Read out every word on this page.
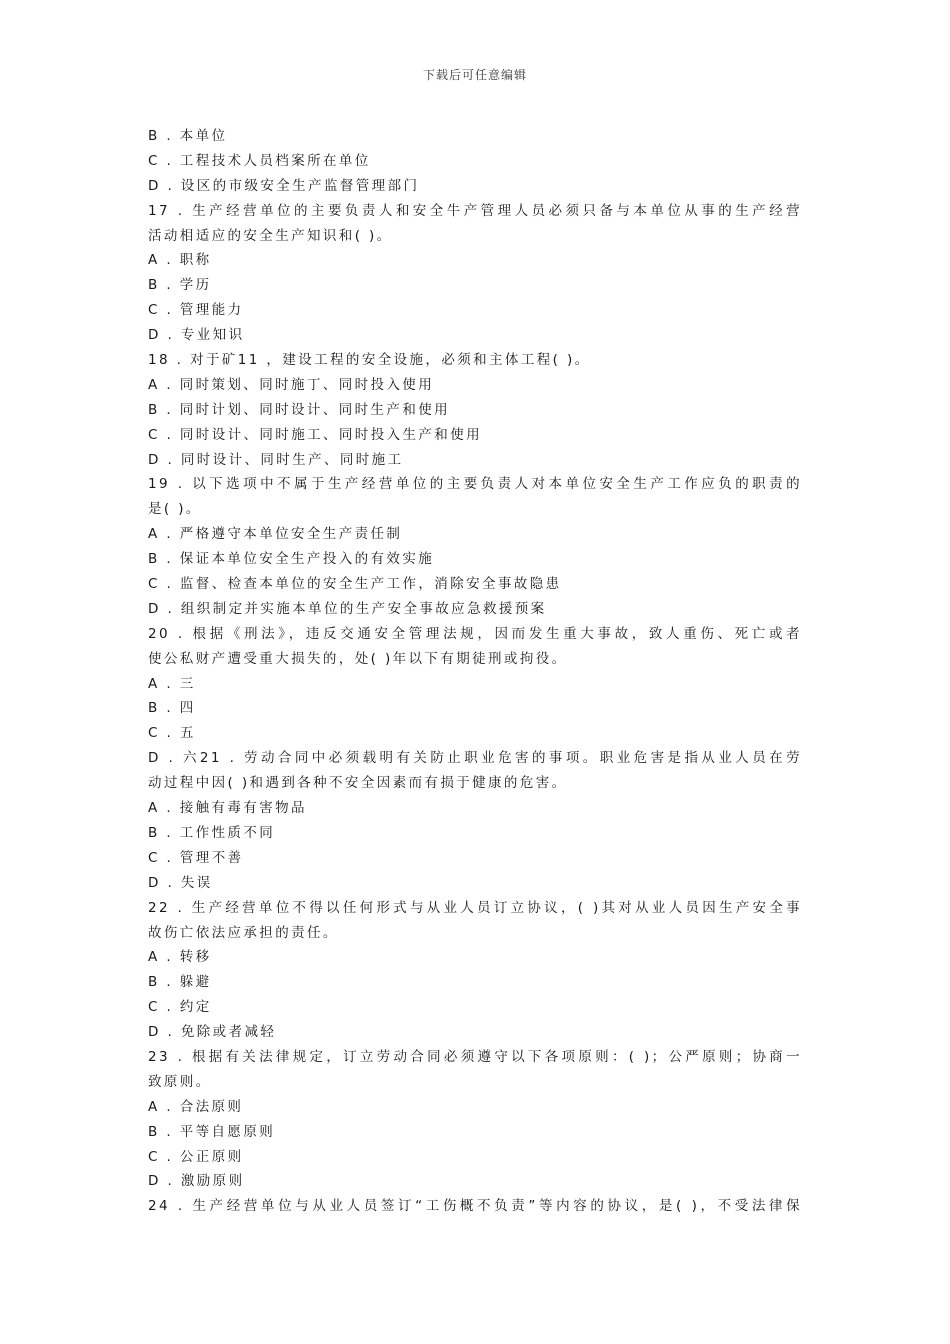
下载后可任意编辑
B . 本单位
C . 工程技术人员档案所在单位
D . 设区的市级安全生产监督管理部门
17 . 生产经营单位的主要负责人和安全牛产管理人员必须只备与本单位从事的生产经营
活动相适应的安全生产知识和( )。
A . 职称
B . 学历
C . 管理能力
D . 专业知识
18 . 对于矿11 ，建设工程的安全设施，必须和主体工程( )。
A . 同时策划、同时施丁、同时投入使用
B . 同时计划、同时设计、同时生产和使用
C . 同时设计、同时施工、同时投入生产和使用
D . 同时设计、同时生产、同时施工
19 . 以下选项中不属于生产经营单位的主要负责人对本单位安全生产工作应负的职责的
是( )。
A . 严格遵守本单位安全生产责任制
B . 保证本单位安全生产投入的有效实施
C . 监督、检查本单位的安全生产工作，消除安全事故隐患
D . 组织制定并实施本单位的生产安全事故应急救援预案
20 . 根据《刑法》，违反交通安全管理法规，因而发生重大事故，致人重伤、死亡或者
使公私财产遭受重大损失的，处( )年以下有期徒刑或拘役。
A . 三
B . 四
C . 五
D . 六21 . 劳动合同中必须载明有关防止职业危害的事项。职业危害是指从业人员在劳
动过程中因( )和遇到各种不安全因素而有损于健康的危害。
A . 接触有毒有害物品
B . 工作性质不同
C . 管理不善
D . 失误
22 . 生产经营单位不得以任何形式与从业人员订立协议，( )其对从业人员因生产安全事
故伤亡依法应承担的责任。
A . 转移
B . 躲避
C . 约定
D . 免除或者减轻
23 . 根据有关法律规定，订立劳动合同必须遵守以下各项原则：( )；公严原则；协商一
致原则。
A . 合法原则
B . 平等自愿原则
C . 公正原则
D . 激励原则
24 . 生产经营单位与从业人员签订“工伤概不负责”等内容的协议，是( )，不受法律保
